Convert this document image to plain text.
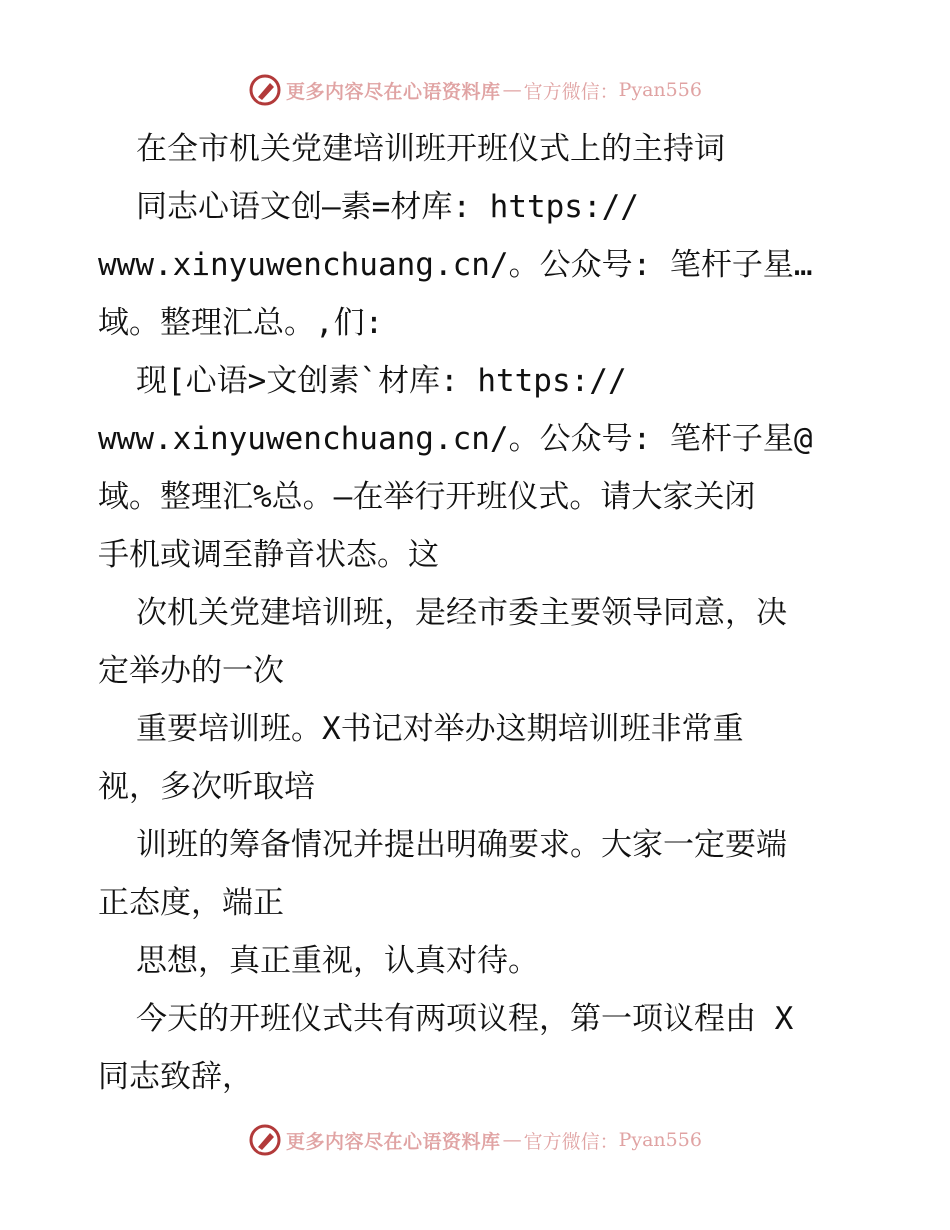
更多内容尽在心语资料库 — 官方微信： Pyan556
在全市机关党建培训班开班仪式上的主持词
同志心语文创—素=材库: https://
www.xinyuwenchuang.cn/。公众号: 笔杆子星…
域。整理汇总。,们:
现[心语>文创素`材库: https://
www.xinyuwenchuang.cn/。公众号: 笔杆子星@
域。整理汇%总。—在举行开班仪式。请大家关闭
手机或调至静音状态。这
次机关党建培训班，是经市委主要领导同意，决
定举办的一次
重要培训班。X书记对举办这期培训班非常重
视，多次听取培
训班的筹备情况并提出明确要求。大家一定要端
正态度，端正
思想，真正重视，认真对待。
今天的开班仪式共有两项议程，第一项议程由 X
同志致辞，
更多内容尽在心语资料库 — 官方微信： Pyan556
